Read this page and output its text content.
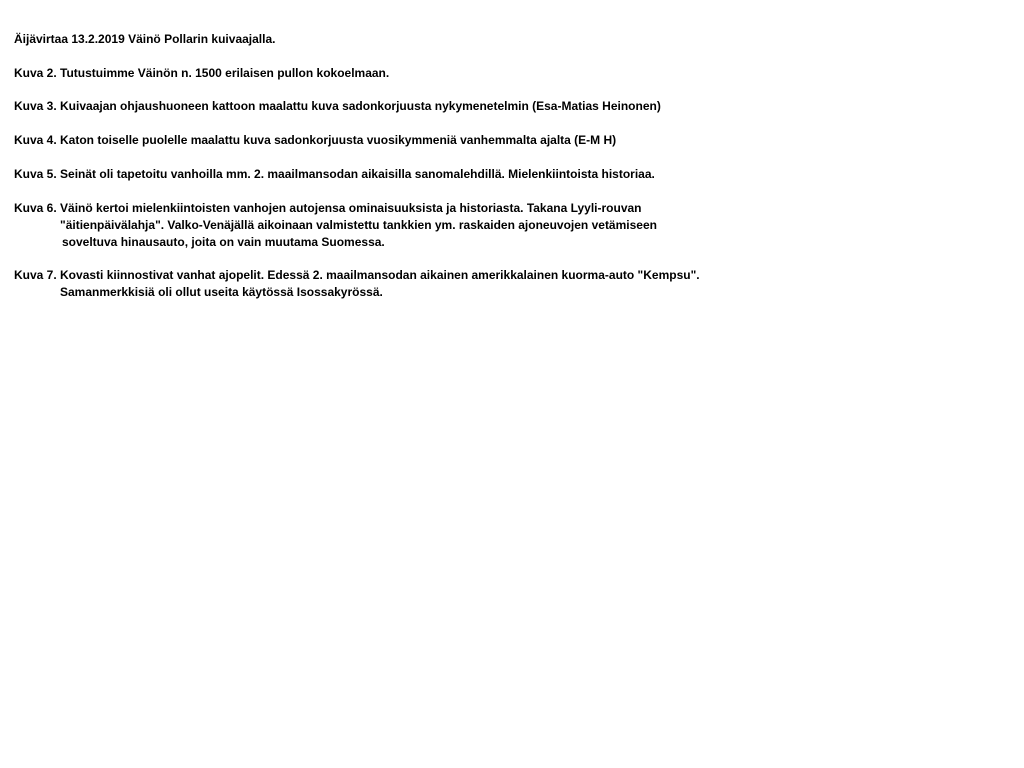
Äijävirtaa 13.2.2019 Väinö Pollarin kuivaajalla.

Kuva 2. Tutustuimme Väinön n. 1500 erilaisen pullon kokoelmaan.

Kuva 3. Kuivaajan ohjaushuoneen kattoon maalattu kuva sadonkorjuusta nykymenetelmin (Esa-Matias Heinonen)

Kuva 4. Katon toiselle puolelle maalattu kuva sadonkorjuusta vuosikymmeniä vanhemmalta ajalta (E-M H)

Kuva 5. Seinät oli tapetoitu vanhoilla mm. 2. maailmansodan aikaisilla sanomalehdillä. Mielenkiintoista historiaa.

Kuva 6. Väinö kertoi mielenkiintoisten vanhojen autojensa ominaisuuksista ja historiasta. Takana Lyyli-rouvan
"äitienpäivälahja". Valko-Venäjällä aikoinaan valmistettu tankkien ym. raskaiden ajoneuvojen vetämiseen
soveltuva hinausauto, joita on vain muutama Suomessa.

Kuva 7. Kovasti kiinnostivat vanhat ajopelit. Edessä 2. maailmansodan aikainen amerikkalainen kuorma-auto "Kempsu".
Samanmerkkisiä oli ollut useita käytössä Isossakyrössä.
